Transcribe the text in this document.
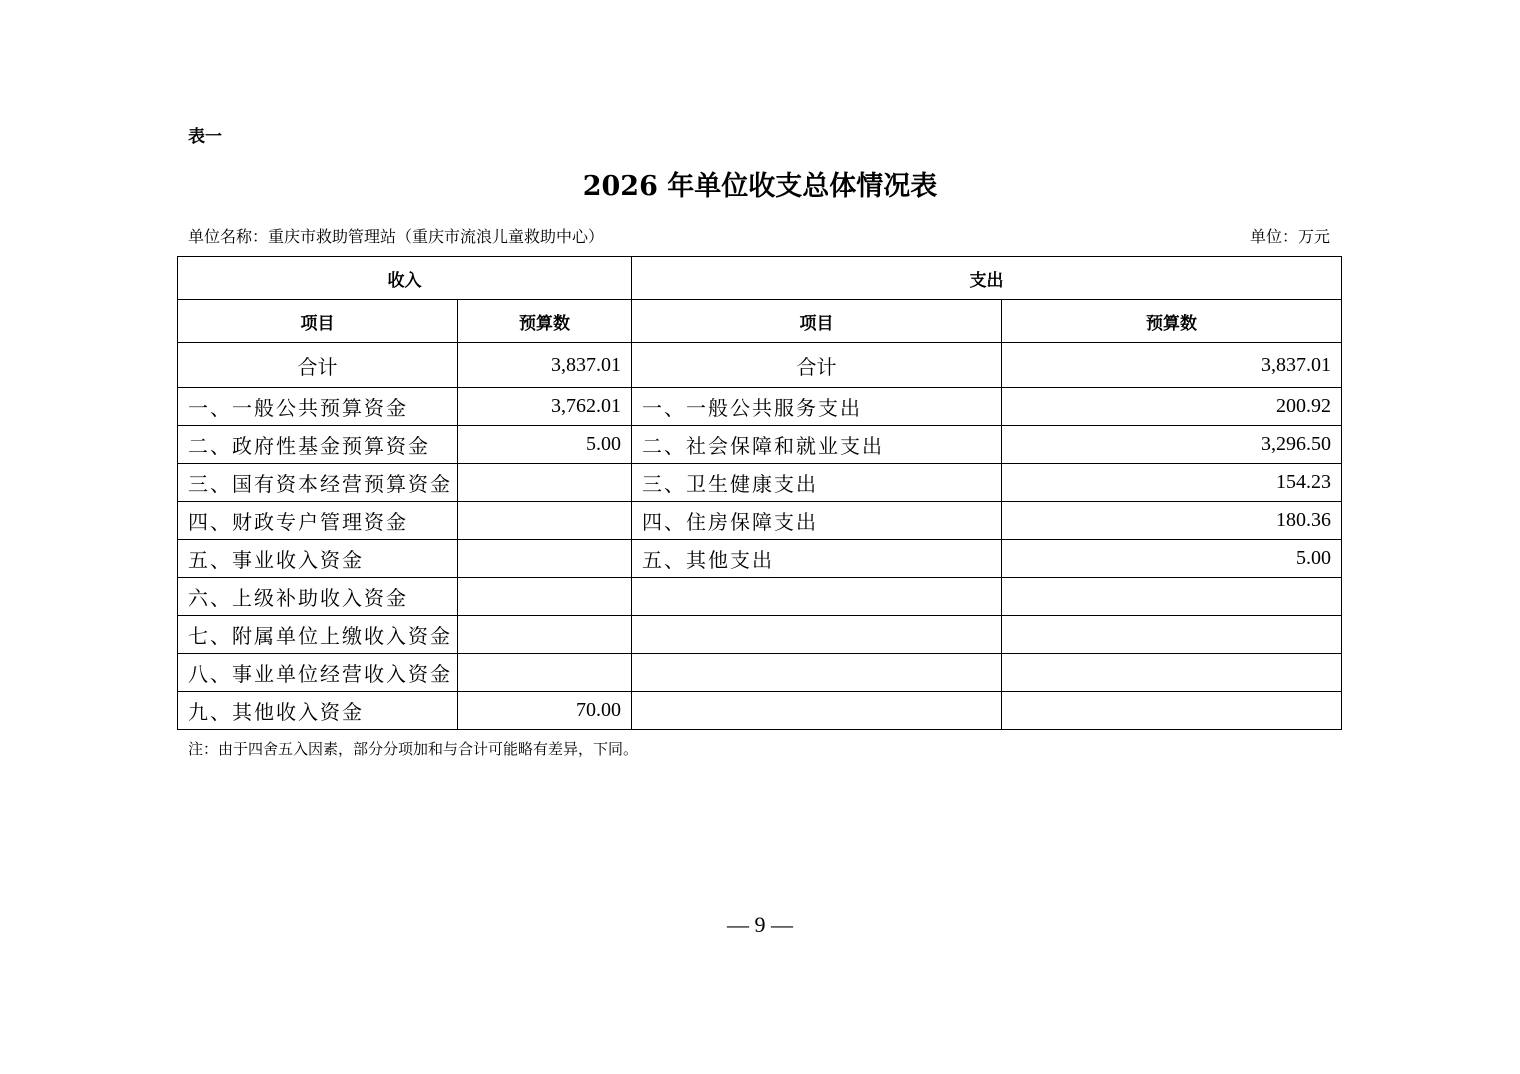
表一
2026 年单位收支总体情况表
单位名称：重庆市救助管理站（重庆市流浪儿童救助中心）	单位：万元
收入		支出	
项目	预算数	项目	预算数
合计	3,837.01	合计	3,837.01
一、一般公共预算资金	3,762.01	一、一般公共服务支出	200.92
二、政府性基金预算资金	5.00	二、社会保障和就业支出	3,296.50
三、国有资本经营预算资金		三、卫生健康支出	154.23
四、财政专户管理资金		四、住房保障支出	180.36
五、事业收入资金		五、其他支出	5.00
六、上级补助收入资金			
七、附属单位上缴收入资金			
八、事业单位经营收入资金			
九、其他收入资金	70.00		
注：由于四舍五入因素，部分分项加和与合计可能略有差异，下同。
— 9 —
